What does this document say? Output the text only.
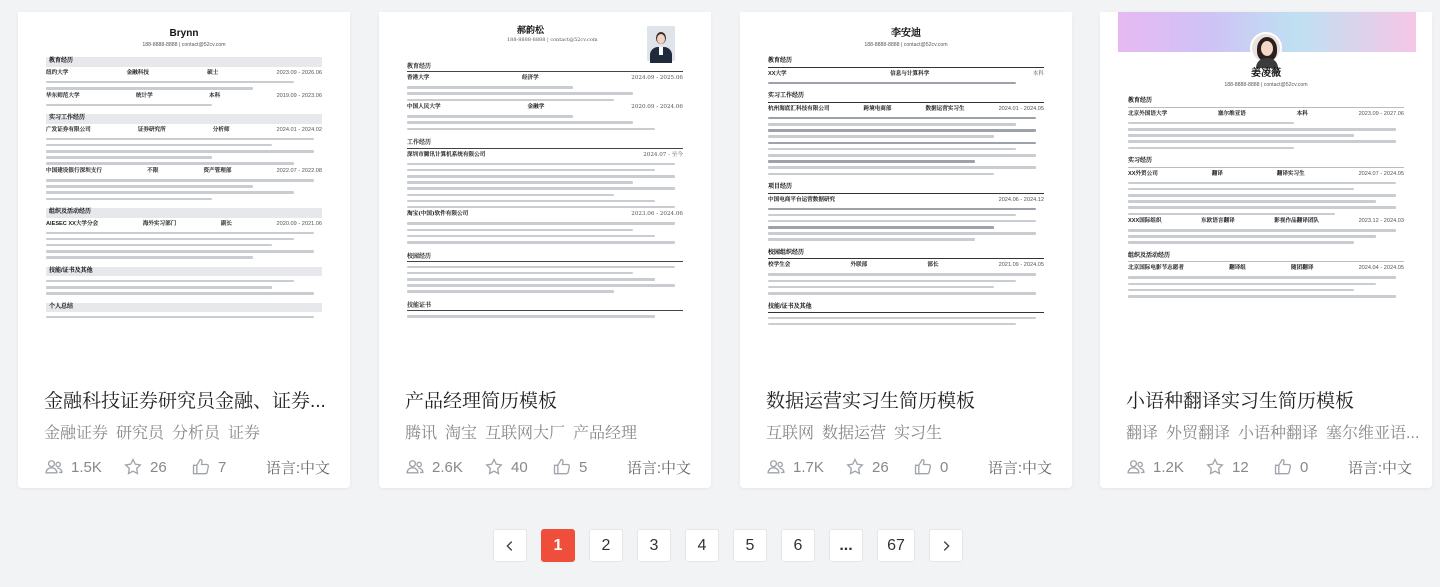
Brynn
188-8888-8888 | contact@52cv.com
教育经历
纽约大学	金融科技	硕士	2023.09 - 2026.06
华东师范大学	统计学	本科	2019.09 - 2023.06
实习工作经历
广发证券有限公司	证券研究所	分析师	2024.01 - 2024.02
中国建设银行深圳支行	不限	资产管理部	2022.07 - 2022.08
组织及活动经历
AIESEC XX大学分会	海外实习部门	副长	2020.09 - 2021.06
技能/证书及其他
个人总结
金融科技证券研究员金融、证券...
金融证券 研究员 分析员 证券
1.5K	26	7	语言:中文
郝韵松
188-8888-8888 | contact@52cv.com
教育经历
香港大学	经济学	2024.09 - 2025.06
中国人民大学	金融学	2020.09 - 2024.06
工作经历
深圳市腾讯计算机系统有限公司	2024.07 - 至今
淘宝(中国)软件有限公司	2023.06 - 2024.06
校园经历
技能证书
产品经理简历模板
腾讯 淘宝 互联网大厂 产品经理
2.6K	40	5	语言:中文
李安迪
188-8888-8888 | contact@52cv.com
教育经历
XX大学	信息与计算科学	本科
实习工作经历
杭州海底汇科技有限公司	跨境电商部	数据运营实习生	2024.01 - 2024.05
项目经历
中国电商平台运营数据研究	2024.06 - 2024.12
校园组织经历
校学生会	外联部	部长	2021.09 - 2024.05
技能/证书及其他
数据运营实习生简历模板
互联网 数据运营 实习生
1.7K	26	0	语言:中文
姜凌薇
188-8888-8888 | contact@52cv.com
教育经历
北京外国语大学	塞尔维亚语	本科	2023.09 - 2027.06
实习经历
XX外贸公司	翻译	翻译实习生	2024.07 - 2024.05
XXX国际组织	东欧语言翻译	影视作品翻译团队	2023.12 - 2024.03
组织及活动经历
北京国际电影节志愿者	翻译组	随团翻译	2024.04 - 2024.05
小语种翻译实习生简历模板
翻译 外贸翻译 小语种翻译 塞尔维亚语...
1.2K	12	0	语言:中文
1	2	3	4	5	6	...	67
